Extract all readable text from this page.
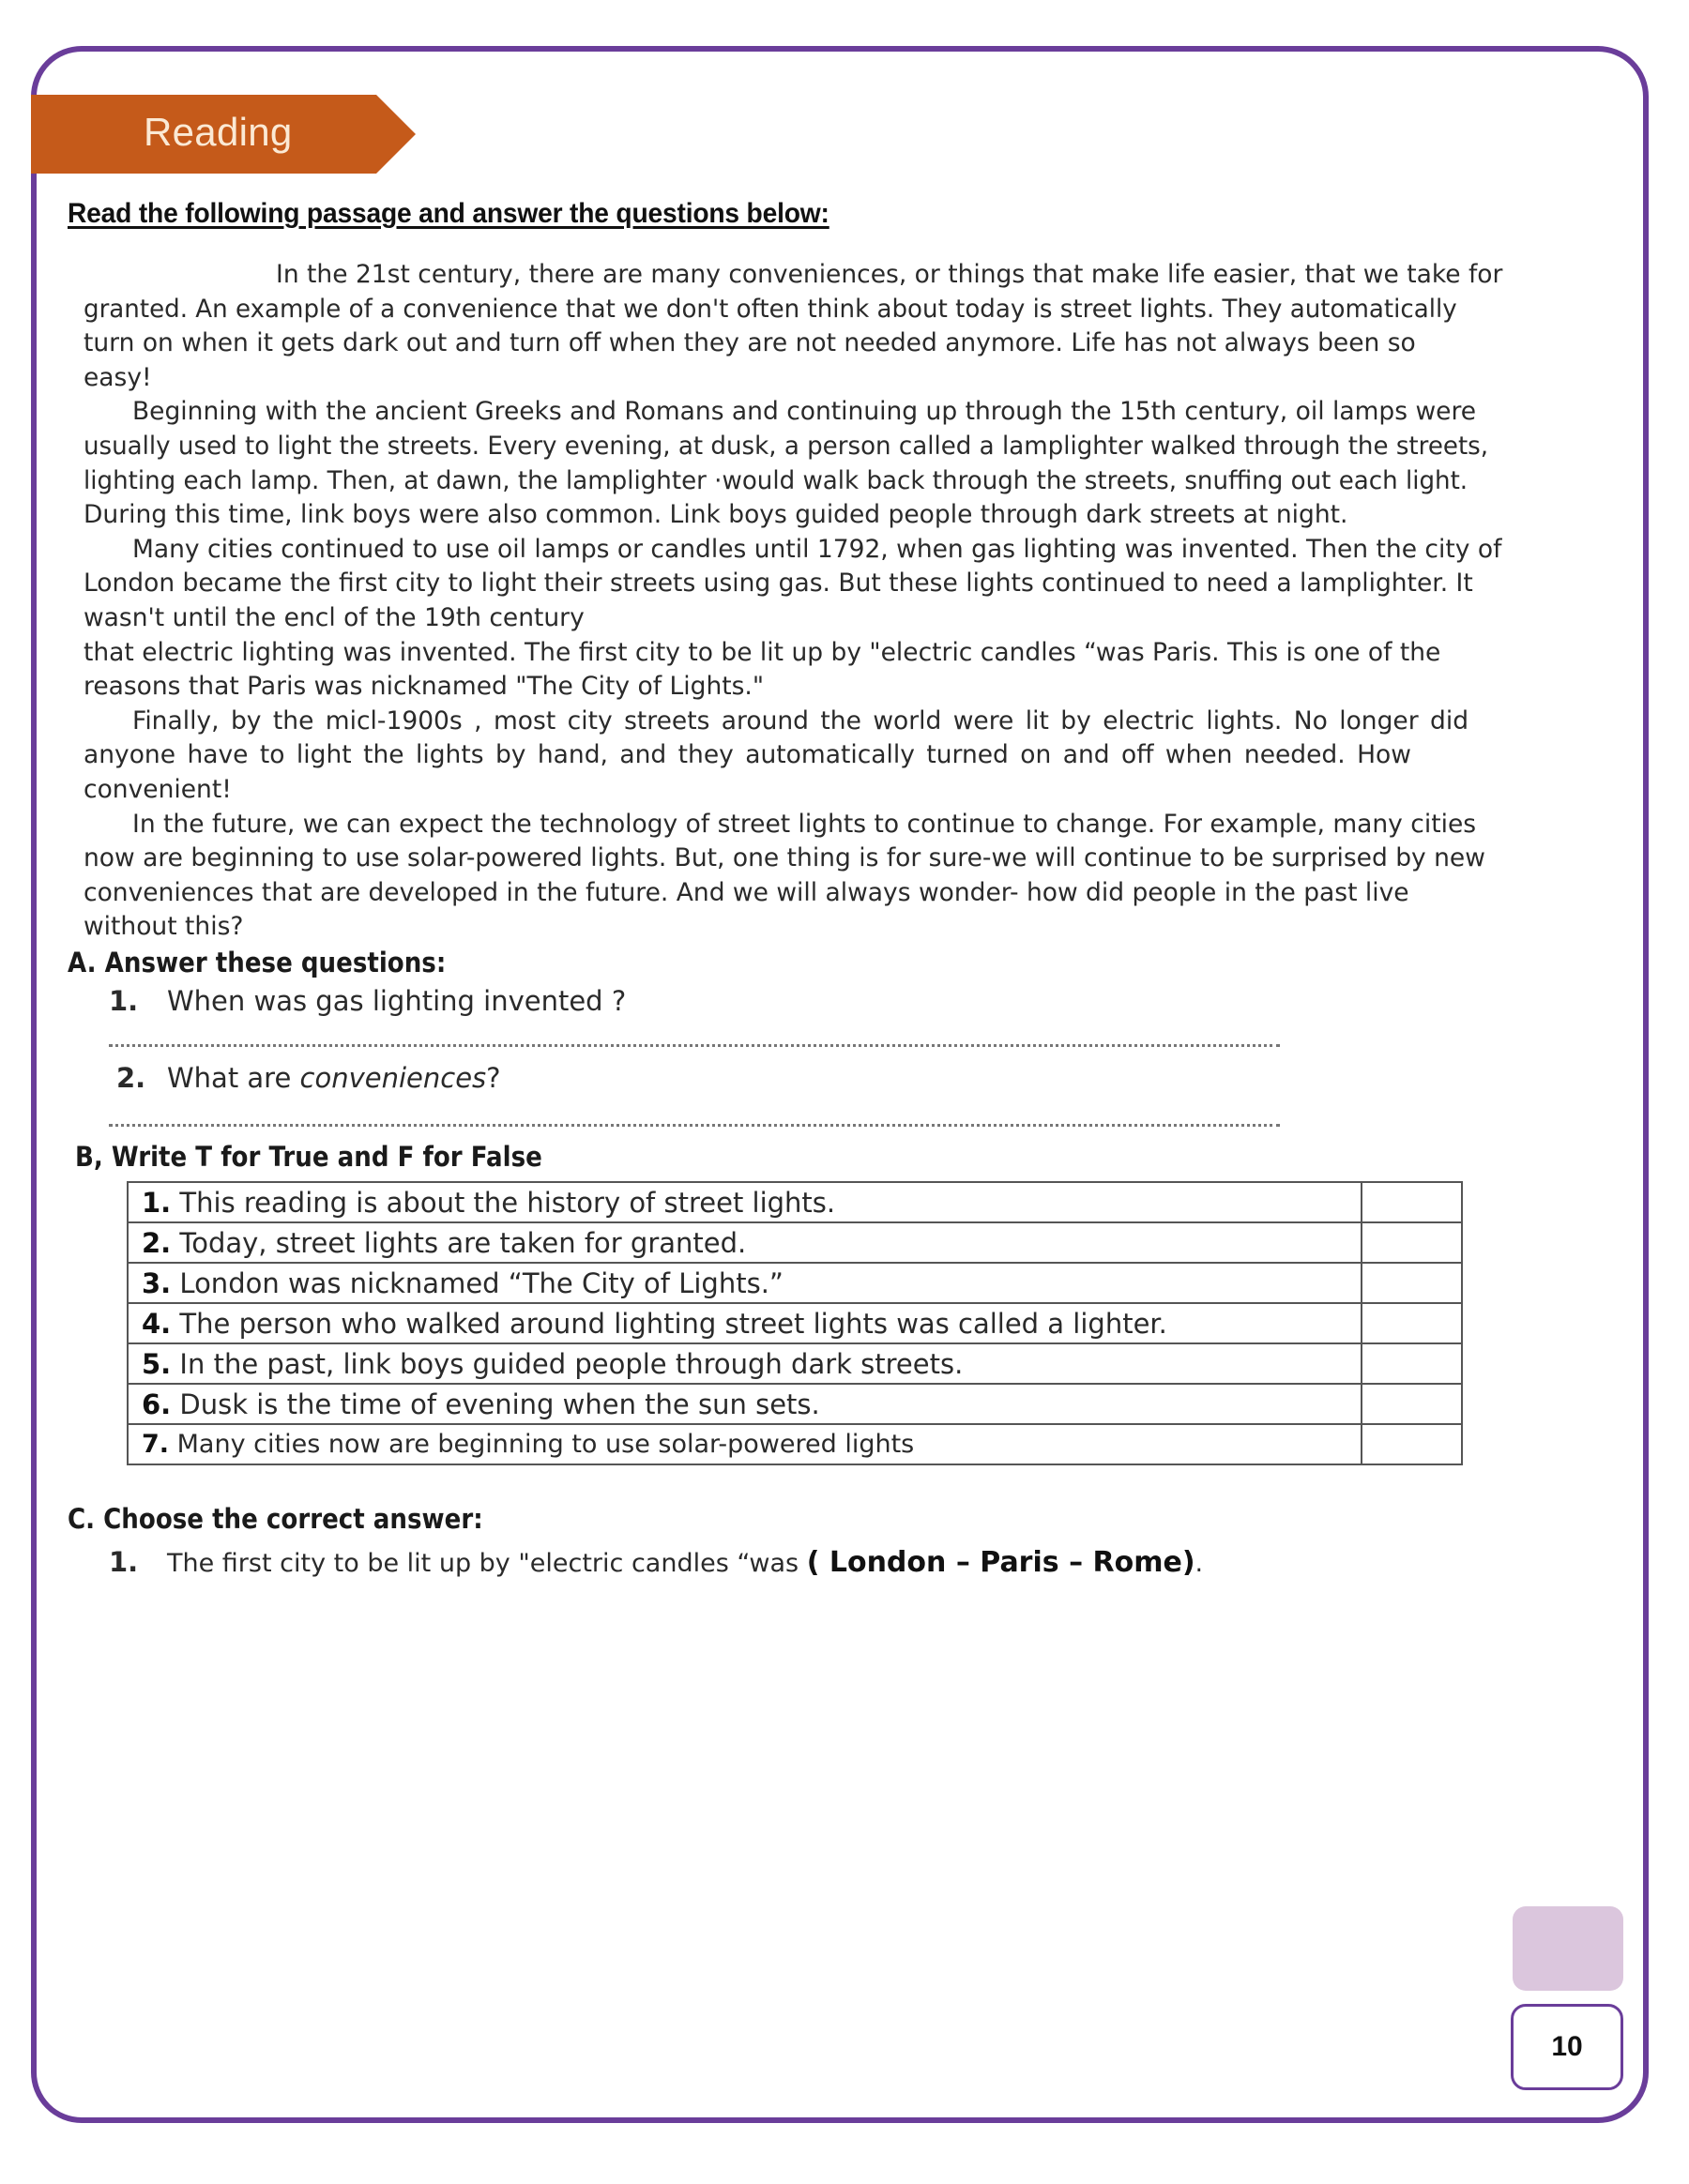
Reading
Read the following passage and answer the questions below:
In the 21st century, there are many conveniences, or things that make life easier, that we take for
granted. An example of a convenience that we don't often think about today is street lights. They automatically
turn on when it gets dark out and turn off when they are not needed anymore. Life has not always been so
easy!
Beginning with the ancient Greeks and Romans and continuing up through the 15th century, oil lamps were
usually used to light the streets. Every evening, at dusk, a person called a lamplighter walked through the streets,
lighting each lamp. Then, at dawn, the lamplighter ·would walk back through the streets, snuffing out each light.
During this time, link boys were also common. Link boys guided people through dark streets at night.
Many cities continued to use oil lamps or candles until 1792, when gas lighting was invented. Then the city of
London became the first city to light their streets using gas. But these lights continued to need a lamplighter. It
wasn't until the encl of the 19th century
that electric lighting was invented. The first city to be lit up by "electric candles “was Paris. This is one of the
reasons that Paris was nicknamed "The City of Lights."
Finally, by the micl-1900s , most city streets around the world were lit by electric lights. No longer did
anyone have to light the lights by hand, and they automatically turned on and off when needed. How
convenient!
In the future, we can expect the technology of street lights to continue to change. For example, many cities
now are beginning to use solar-powered lights. But, one thing is for sure-we will continue to be surprised by new
conveniences that are developed in the future. And we will always wonder- how did people in the past live
without this?
A. Answer these questions:
1. When was gas lighting invented ?
2. What are conveniences?
B, Write T for True and F for False
1. This reading is about the history of street lights.	
2. Today, street lights are taken for granted.	
3. London was nicknamed “The City of Lights.”	
4. The person who walked around lighting street lights was called a lighter.	
5. In the past, link boys guided people through dark streets.	
6. Dusk is the time of evening when the sun sets.	
7. Many cities now are beginning to use solar-powered lights	
C. Choose the correct answer:
1. The first city to be lit up by "electric candles “was ( London – Paris – Rome).
10
